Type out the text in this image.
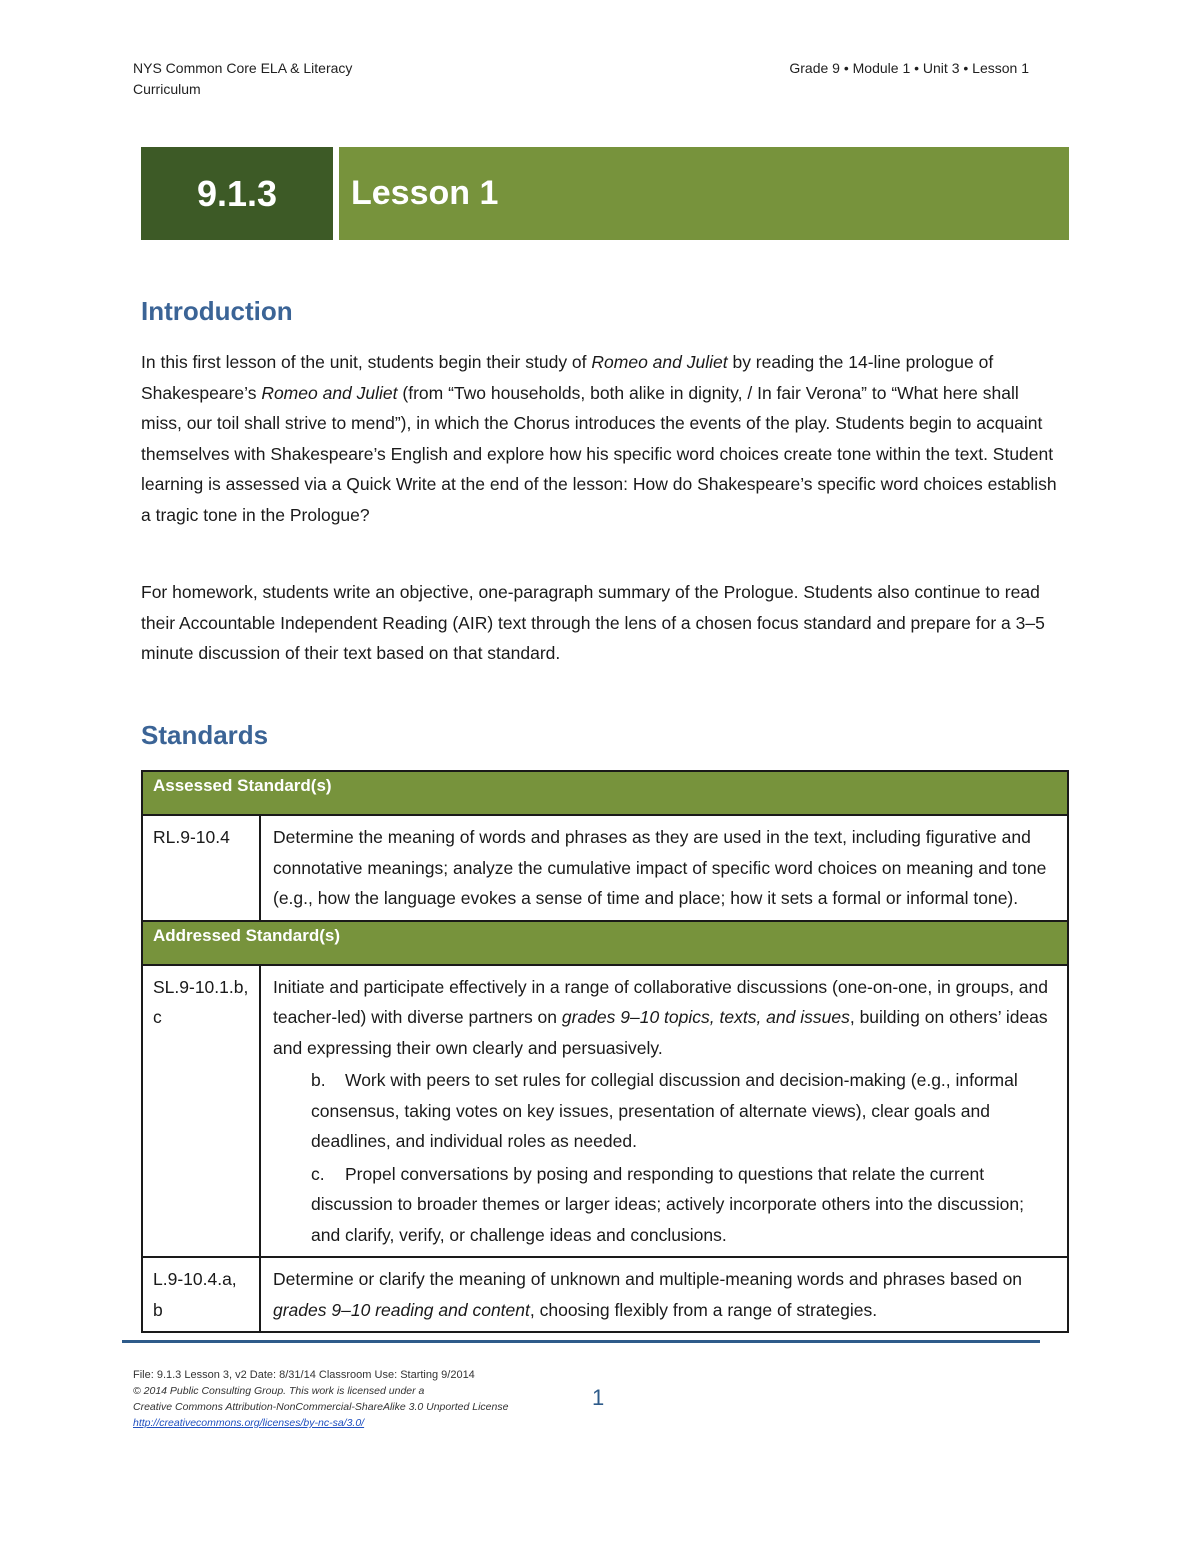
NYS Common Core ELA & Literacy
Curriculum
Grade 9 • Module 1 • Unit 3 • Lesson 1
9.1.3	Lesson 1
Introduction

In this first lesson of the unit, students begin their study of Romeo and Juliet by reading the 14-line prologue of Shakespeare’s Romeo and Juliet (from “Two households, both alike in dignity, / In fair Verona” to “What here shall miss, our toil shall strive to mend”), in which the Chorus introduces the events of the play. Students begin to acquaint themselves with Shakespeare’s English and explore how his specific word choices create tone within the text. Student learning is assessed via a Quick Write at the end of the lesson: How do Shakespeare’s specific word choices establish a tragic tone in the Prologue?

For homework, students write an objective, one-paragraph summary of the Prologue. Students also continue to read their Accountable Independent Reading (AIR) text through the lens of a chosen focus standard and prepare for a 3–5 minute discussion of their text based on that standard.

Standards
Assessed Standard(s)	
RL.9-10.4	Determine the meaning of words and phrases as they are used in the text, including figurative and connotative meanings; analyze the cumulative impact of specific word choices on meaning and tone (e.g., how the language evokes a sense of time and place; how it sets a formal or informal tone).
Addressed Standard(s)	
SL.9-10.1.b, c	Initiate and participate effectively in a range of collaborative discussions (one-on-one, in groups, and teacher-led) with diverse partners on grades 9–10 topics, texts, and issues, building on others’ ideas and expressing their own clearly and persuasively.
b. Work with peers to set rules for collegial discussion and decision-making (e.g., informal consensus, taking votes on key issues, presentation of alternate views), clear goals and deadlines, and individual roles as needed.
c. Propel conversations by posing and responding to questions that relate the current discussion to broader themes or larger ideas; actively incorporate others into the discussion; and clarify, verify, or challenge ideas and conclusions.

L.9-10.4.a, b	Determine or clarify the meaning of unknown and multiple-meaning words and phrases based on grades 9–10 reading and content, choosing flexibly from a range of strategies.
File: 9.1.3 Lesson 3, v2 Date: 8/31/14 Classroom Use: Starting 9/2014
© 2014 Public Consulting Group. This work is licensed under a
Creative Commons Attribution-NonCommercial-ShareAlike 3.0 Unported License
http://creativecommons.org/licenses/by-nc-sa/3.0/
1
